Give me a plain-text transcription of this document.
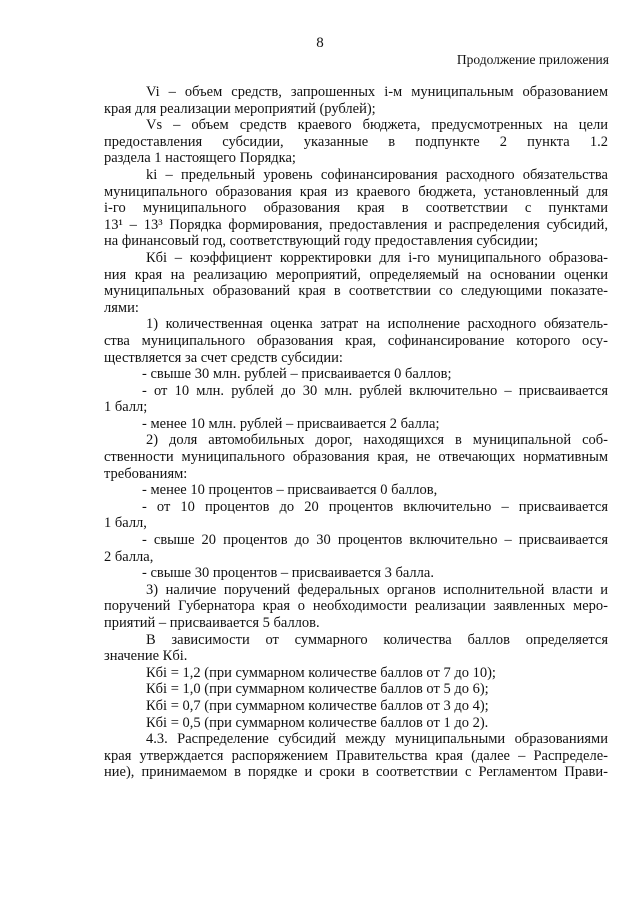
8
Продолжение приложения
Vi – объем средств, запрошенных i-м муниципальным образованием
края для реализации мероприятий (рублей);
Vs – объем средств краевого бюджета, предусмотренных на цели
предоставления субсидии, указанные в подпункте 2 пункта 1.2
раздела 1 настоящего Порядка;
ki – предельный уровень софинансирования расходного обязательства
муниципального образования края из краевого бюджета, установленный для
i-го муниципального образования края в соответствии с пунктами
13¹ – 13³ Порядка формирования, предоставления и распределения субсидий,
на финансовый год, соответствующий году предоставления субсидии;
Кбi – коэффициент корректировки для i-го муниципального образова-
ния края на реализацию мероприятий, определяемый на основании оценки
муниципальных образований края в соответствии со следующими показате-
лями:
1) количественная оценка затрат на исполнение расходного обязатель-
ства муниципального образования края, софинансирование которого осу-
ществляется за счет средств субсидии:
- свыше 30 млн. рублей – присваивается 0 баллов;
- от 10 млн. рублей до 30 млн. рублей включительно – присваивается
1 балл;
- менее 10 млн. рублей – присваивается 2 балла;
2) доля автомобильных дорог, находящихся в муниципальной соб-
ственности муниципального образования края, не отвечающих нормативным
требованиям:
- менее 10 процентов – присваивается 0 баллов,
- от 10 процентов до 20 процентов включительно – присваивается
1 балл,
- свыше 20 процентов до 30 процентов включительно – присваивается
2 балла,
- свыше 30 процентов – присваивается 3 балла.
3) наличие поручений федеральных органов исполнительной власти и
поручений Губернатора края о необходимости реализации заявленных меро-
приятий – присваивается 5 баллов.
В зависимости от суммарного количества баллов определяется
значение Кбi.
Кбi = 1,2 (при суммарном количестве баллов от 7 до 10);
Кбi = 1,0 (при суммарном количестве баллов от 5 до 6);
Кбi = 0,7 (при суммарном количестве баллов от 3 до 4);
Кбi = 0,5 (при суммарном количестве баллов от 1 до 2).
4.3. Распределение субсидий между муниципальными образованиями
края утверждается распоряжением Правительства края (далее – Распределе-
ние), принимаемом в порядке и сроки в соответствии с Регламентом Прави-
